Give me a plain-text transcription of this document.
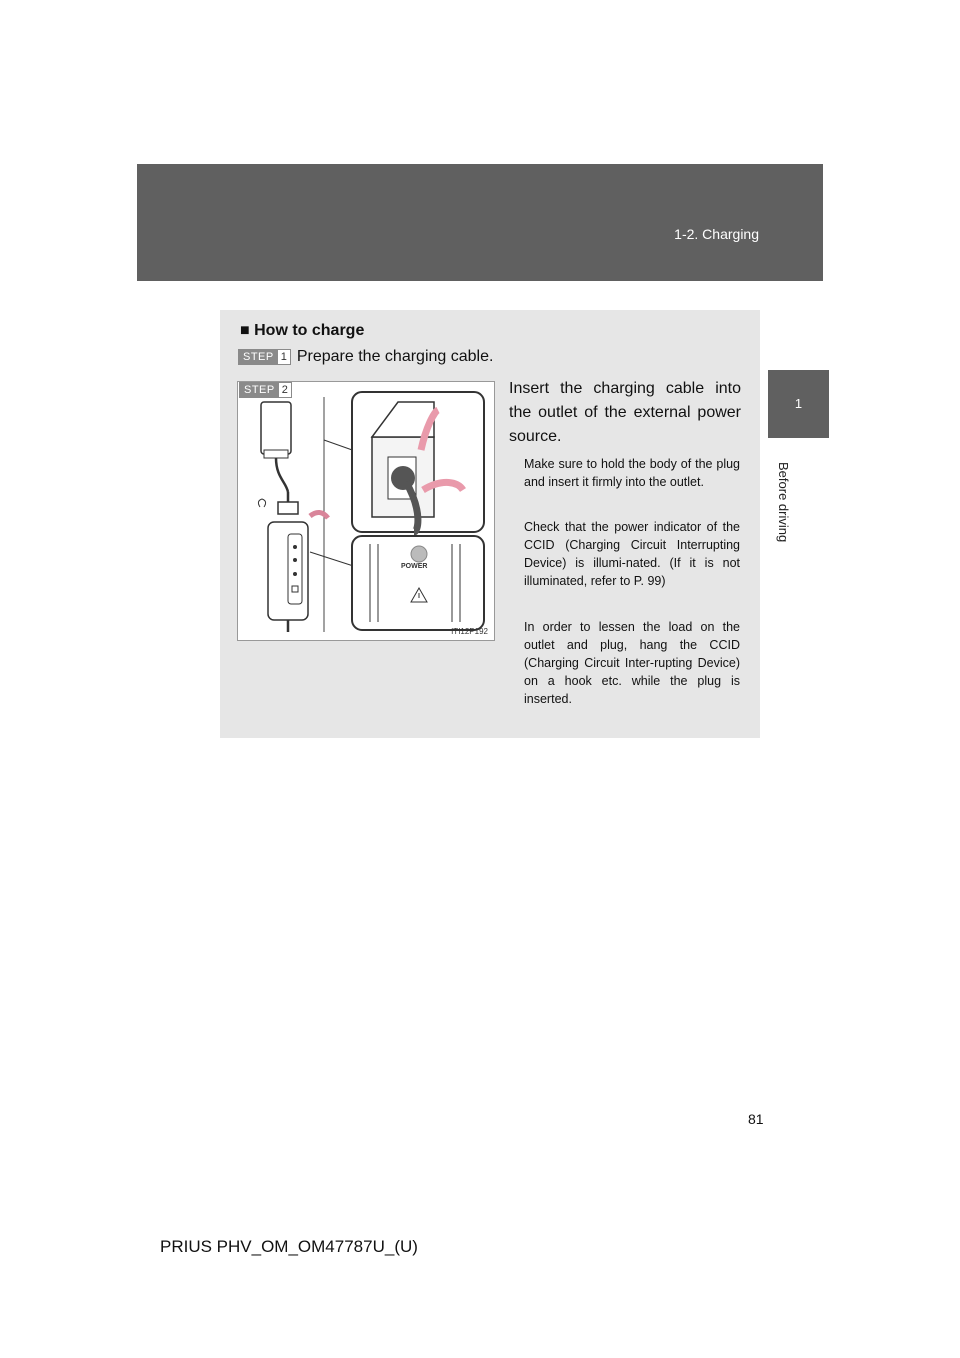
1-2. Charging
1
Before driving
■ How to charge
STEP 1 Prepare the charging cable.
STEP 2
POWER
ITI12P192
Insert the charging cable into the outlet of the external power source.
Make sure to hold the body of the plug and insert it firmly into the outlet.
Check that the power indicator of the CCID (Charging Circuit Interrupting Device) is illumi-nated. (If it is not illuminated, refer to P. 99)
In order to lessen the load on the outlet and plug, hang the CCID (Charging Circuit Inter-rupting Device) on a hook etc. while the plug is inserted.
81
PRIUS PHV_OM_OM47787U_(U)
